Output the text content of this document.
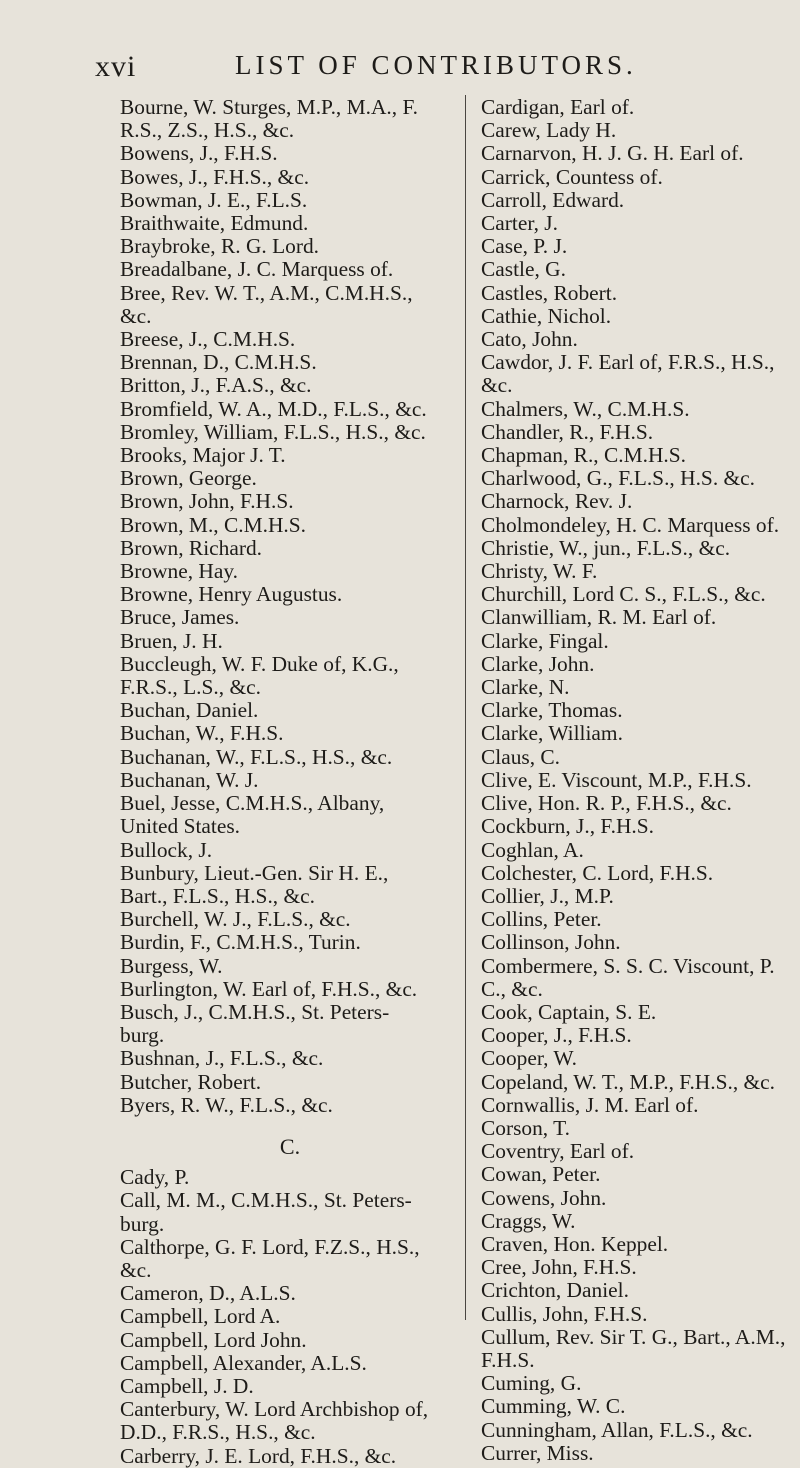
xvi	LIST OF CONTRIBUTORS.

Bourne, W. Sturges, M.P., M.A., F.
R.S., Z.S., H.S., &c.

Bowens, J., F.H.S.

Bowes, J., F.H.S., &c.

Bowman, J. E., F.L.S.

Braithwaite, Edmund.

Braybroke, R. G. Lord.

Breadalbane, J. C. Marquess of.

Bree, Rev. W. T., A.M., C.M.H.S.,
&c.

Breese, J., C.M.H.S.

Brennan, D., C.M.H.S.

Britton, J., F.A.S., &c.

Bromfield, W. A., M.D., F.L.S., &c.

Bromley, William, F.L.S., H.S., &c.

Brooks, Major J. T.

Brown, George.

Brown, John, F.H.S.

Brown, M., C.M.H.S.

Brown, Richard.

Browne, Hay.

Browne, Henry Augustus.

Bruce, James.

Bruen, J. H.

Buccleugh, W. F. Duke of, K.G.,
F.R.S., L.S., &c.

Buchan, Daniel.

Buchan, W., F.H.S.

Buchanan, W., F.L.S., H.S., &c.

Buchanan, W. J.

Buel, Jesse, C.M.H.S., Albany,
United States.

Bullock, J.

Bunbury, Lieut.-Gen. Sir H. E.,
Bart., F.L.S., H.S., &c.

Burchell, W. J., F.L.S., &c.

Burdin, F., C.M.H.S., Turin.

Burgess, W.

Burlington, W. Earl of, F.H.S., &c.

Busch, J., C.M.H.S., St. Peters-
burg.

Bushnan, J., F.L.S., &c.

Butcher, Robert.

Byers, R. W., F.L.S., &c.

C.

Cady, P.

Call, M. M., C.M.H.S., St. Peters-
burg.

Calthorpe, G. F. Lord, F.Z.S., H.S.,
&c.

Cameron, D., A.L.S.

Campbell, Lord A.

Campbell, Lord John.

Campbell, Alexander, A.L.S.

Campbell, J. D.

Canterbury, W. Lord Archbishop of,
D.D., F.R.S., H.S., &c.

Carberry, J. E. Lord, F.H.S., &c.

Cardigan, Earl of.

Carew, Lady H.

Carnarvon, H. J. G. H. Earl of.

Carrick, Countess of.

Carroll, Edward.

Carter, J.

Case, P. J.

Castle, G.

Castles, Robert.

Cathie, Nichol.

Cato, John.

Cawdor, J. F. Earl of, F.R.S., H.S.,
&c.

Chalmers, W., C.M.H.S.

Chandler, R., F.H.S.

Chapman, R., C.M.H.S.

Charlwood, G., F.L.S., H.S. &c.

Charnock, Rev. J.

Cholmondeley, H. C. Marquess of.

Christie, W., jun., F.L.S., &c.

Christy, W. F.

Churchill, Lord C. S., F.L.S., &c.

Clanwilliam, R. M. Earl of.

Clarke, Fingal.

Clarke, John.

Clarke, N.

Clarke, Thomas.

Clarke, William.

Claus, C.

Clive, E. Viscount, M.P., F.H.S.

Clive, Hon. R. P., F.H.S., &c.

Cockburn, J., F.H.S.

Coghlan, A.

Colchester, C. Lord, F.H.S.

Collier, J., M.P.

Collins, Peter.

Collinson, John.

Combermere, S. S. C. Viscount, P.
C., &c.

Cook, Captain, S. E.

Cooper, J., F.H.S.

Cooper, W.

Copeland, W. T., M.P., F.H.S., &c.

Cornwallis, J. M. Earl of.

Corson, T.

Coventry, Earl of.

Cowan, Peter.

Cowens, John.

Craggs, W.

Craven, Hon. Keppel.

Cree, John, F.H.S.

Crichton, Daniel.

Cullis, John, F.H.S.

Cullum, Rev. Sir T. G., Bart., A.M.,
F.H.S.

Cuming, G.

Cumming, W. C.

Cunningham, Allan, F.L.S., &c.

Currer, Miss.
